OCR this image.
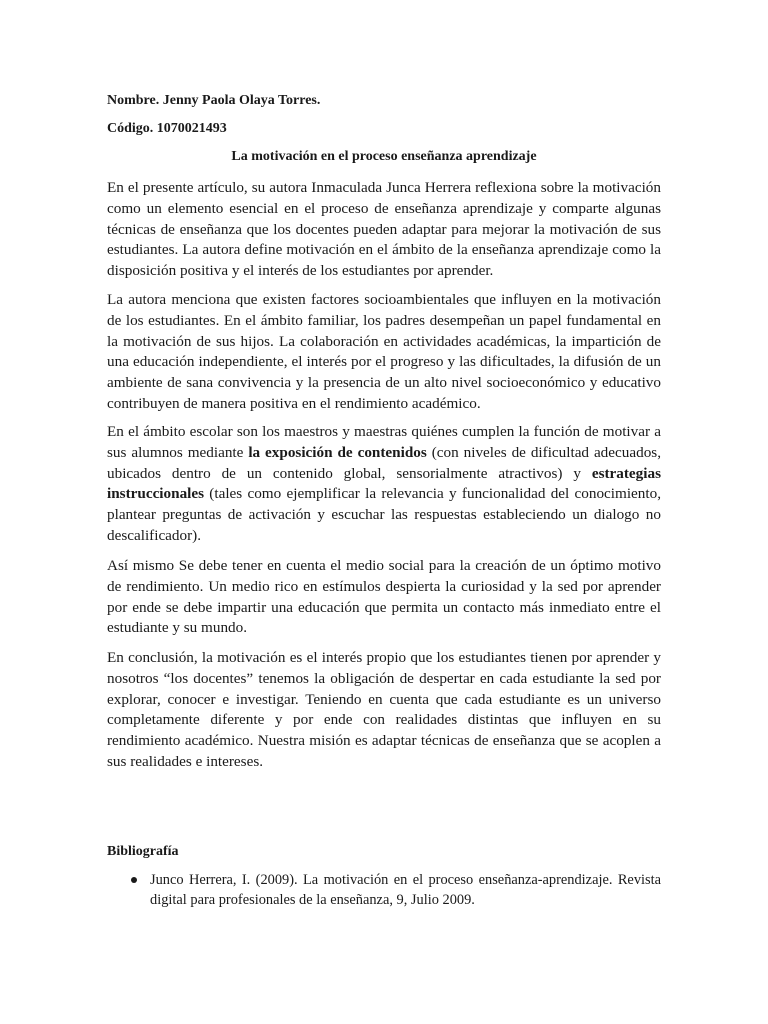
Nombre. Jenny Paola Olaya Torres.
Código. 1070021493
La motivación en el proceso enseñanza aprendizaje

En el presente artículo, su autora Inmaculada Junca Herrera reflexiona sobre la motivación como un elemento esencial en el proceso de enseñanza aprendizaje y comparte algunas técnicas de enseñanza que los docentes pueden adaptar para mejorar la motivación de sus estudiantes. La autora define motivación en el ámbito de la enseñanza aprendizaje como la disposición positiva y el interés de los estudiantes por aprender.

La autora menciona que existen factores socioambientales que influyen en la motivación de los estudiantes. En el ámbito familiar, los padres desempeñan un papel fundamental en la motivación de sus hijos. La colaboración en actividades académicas, la impartición de una educación independiente, el interés por el progreso y las dificultades, la difusión de un ambiente de sana convivencia y la presencia de un alto nivel socioeconómico y educativo contribuyen de manera positiva en el rendimiento académico.

En el ámbito escolar son los maestros y maestras quiénes cumplen la función de motivar a sus alumnos mediante la exposición de contenidos (con niveles de dificultad adecuados, ubicados dentro de un contenido global, sensorialmente atractivos) y estrategias instruccionales (tales como ejemplificar la relevancia y funcionalidad del conocimiento, plantear preguntas de activación y escuchar las respuestas estableciendo un dialogo no descalificador).

Así mismo Se debe tener en cuenta el medio social para la creación de un óptimo motivo de rendimiento. Un medio rico en estímulos despierta la curiosidad y la sed por aprender por ende se debe impartir una educación que permita un contacto más inmediato entre el estudiante y su mundo.

En conclusión, la motivación es el interés propio que los estudiantes tienen por aprender y nosotros “los docentes” tenemos la obligación de despertar en cada estudiante la sed por explorar, conocer e investigar. Teniendo en cuenta que cada estudiante es un universo completamente diferente y por ende con realidades distintas que influyen en su rendimiento académico. Nuestra misión es adaptar técnicas de enseñanza que se acoplen a sus realidades e intereses.

Bibliografía
Junco Herrera, I. (2009). La motivación en el proceso enseñanza-aprendizaje. Revista digital para profesionales de la enseñanza, 9, Julio 2009.
